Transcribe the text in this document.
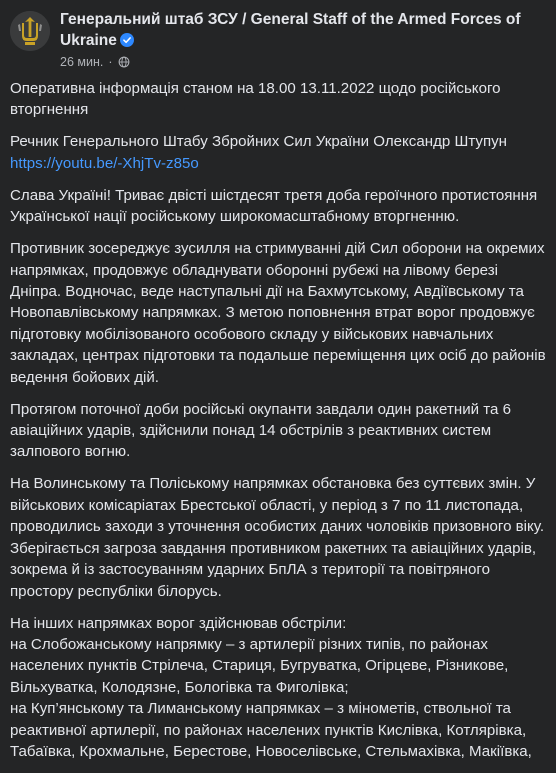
Генеральний штаб ЗСУ / General Staff of the Armed Forces of Ukraine
26 мин. ·

Оперативна інформація станом на 18.00 13.11.2022 щодо російського вторгнення

Речник Генерального Штабу Збройних Сил України Олександр Штупун
https://youtu.be/-XhjTv-z85o

Слава Україні! Триває двісті шістдесят третя доба героїчного протистояння Української нації російському широкомасштабному вторгненню.

Противник зосереджує зусилля на стримуванні дій Сил оборони на окремих напрямках, продовжує обладнувати оборонні рубежі на лівому березі Дніпра. Водночас, веде наступальні дії на Бахмутському, Авдіївському та Новопавлівському напрямках. З метою поповнення втрат ворог продовжує підготовку мобілізованого особового складу у військових навчальних закладах, центрах підготовки та подальше переміщення цих осіб до районів ведення бойових дій.

Протягом поточної доби російські окупанти завдали один ракетний та 6 авіаційних ударів, здійснили понад 14 обстрілів з реактивних систем залпового вогню.

На Волинському та Поліському напрямках обстановка без суттєвих змін. У військових комісаріатах Брестської області, у період з 7 по 11 листопада, проводились заходи з уточнення особистих даних чоловіків призовного віку. Зберігається загроза завдання противником ракетних та авіаційних ударів, зокрема й із застосуванням ударних БпЛА з території та повітряного простору республіки білорусь.

На інших напрямках ворог здійснював обстріли:
на Слобожанському напрямку – з артилерії різних типів, по районах населених пунктів Стрілеча, Стариця, Бугруватка, Огірцеве, Різникове, Вільхуватка, Колодязне, Бологівка та Фиголівка;
на Куп’янському та Лиманському напрямках – з мінометів, ствольної та реактивної артилерії, по районах населених пунктів Кислівка, Котлярівка, Табаївка, Крохмальне, Берестове, Новоселівське, Стельмахівка, Макіївка,
